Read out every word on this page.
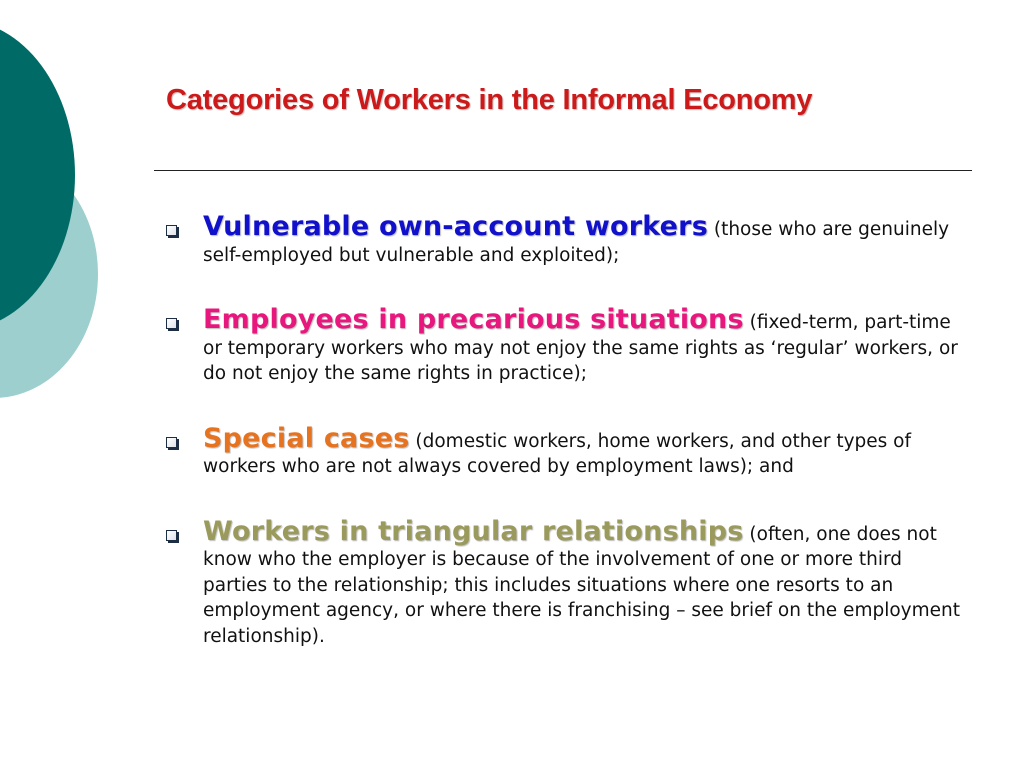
Categories of Workers in the Informal Economy
Vulnerable own-account workers (those who are genuinely self-employed but vulnerable and exploited);
Employees in precarious situations (fixed-term, part-time or temporary workers who may not enjoy the same rights as ‘regular’ workers, or do not enjoy the same rights in practice);
Special cases (domestic workers, home workers, and other types of workers who are not always covered by employment laws); and
Workers in triangular relationships (often, one does not know who the employer is because of the involvement of one or more third parties to the relationship; this includes situations where one resorts to an employment agency, or where there is franchising – see brief on the employment relationship).
